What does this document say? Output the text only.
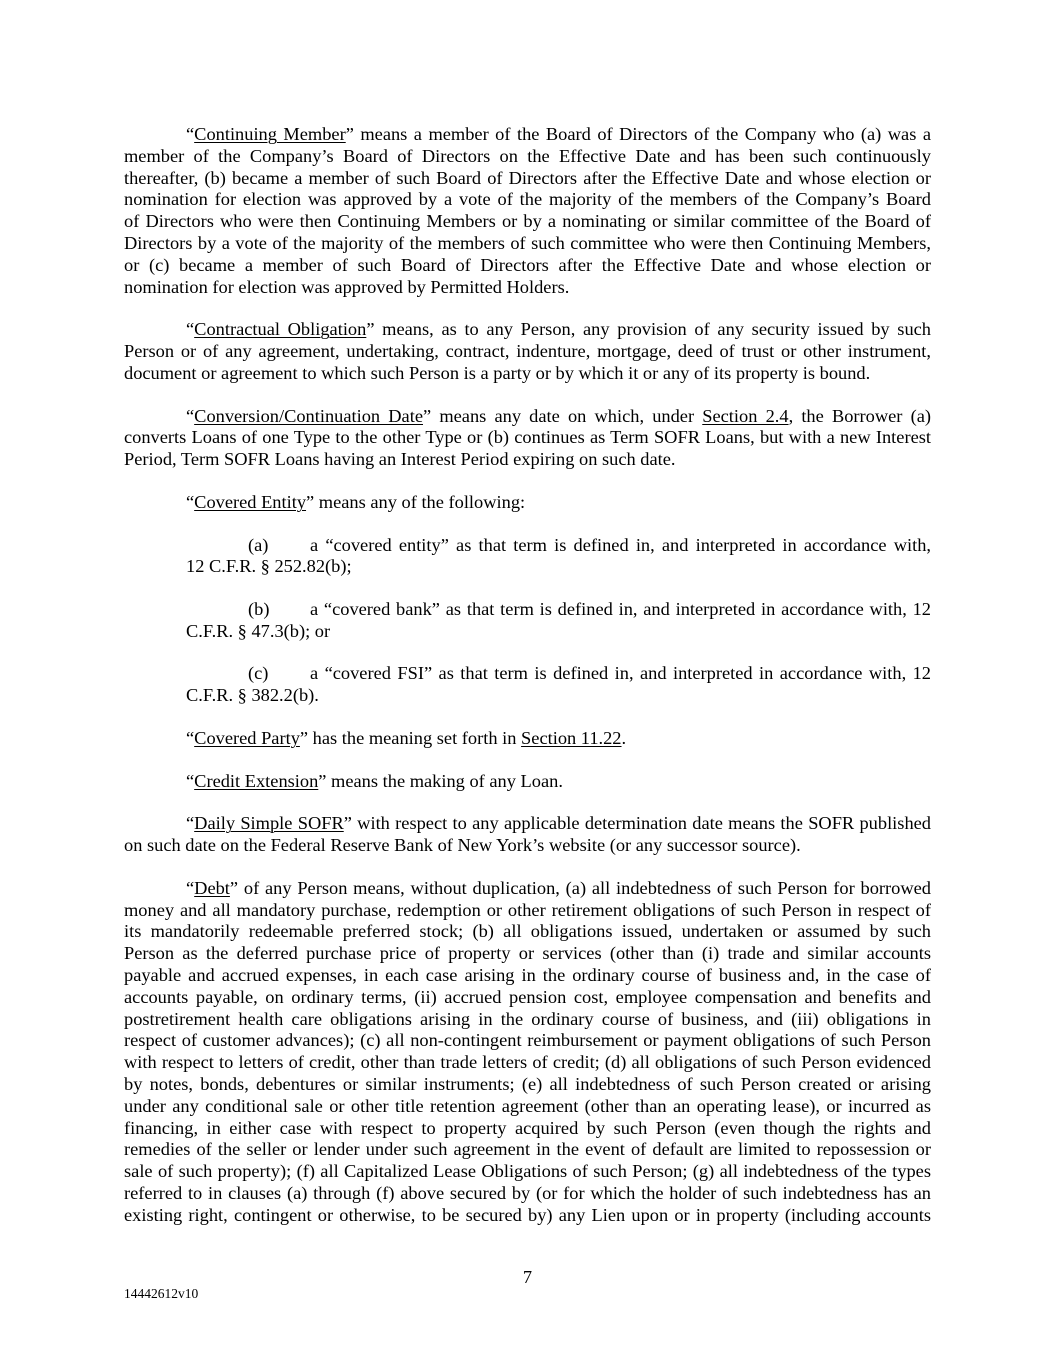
“Continuing Member” means a member of the Board of Directors of the Company who (a) was a
member of the Company’s Board of Directors on the Effective Date and has been such continuously
thereafter, (b) became a member of such Board of Directors after the Effective Date and whose election or
nomination for election was approved by a vote of the majority of the members of the Company’s Board
of Directors who were then Continuing Members or by a nominating or similar committee of the Board of
Directors by a vote of the majority of the members of such committee who were then Continuing Members,
or (c) became a member of such Board of Directors after the Effective Date and whose election or
nomination for election was approved by Permitted Holders.
“Contractual Obligation” means, as to any Person, any provision of any security issued by such
Person or of any agreement, undertaking, contract, indenture, mortgage, deed of trust or other instrument,
document or agreement to which such Person is a party or by which it or any of its property is bound.
“Conversion/Continuation Date” means any date on which, under Section 2.4, the Borrower (a)
converts Loans of one Type to the other Type or (b) continues as Term SOFR Loans, but with a new Interest
Period, Term SOFR Loans having an Interest Period expiring on such date.
“Covered Entity” means any of the following:
(a) a “covered entity” as that term is defined in, and interpreted in accordance with,
12 C.F.R. § 252.82(b);
(b) a “covered bank” as that term is defined in, and interpreted in accordance with, 12
C.F.R. § 47.3(b); or
(c) a “covered FSI” as that term is defined in, and interpreted in accordance with, 12
C.F.R. § 382.2(b).
“Covered Party” has the meaning set forth in Section 11.22.
“Credit Extension” means the making of any Loan.
“Daily Simple SOFR” with respect to any applicable determination date means the SOFR published
on such date on the Federal Reserve Bank of New York’s website (or any successor source).
“Debt” of any Person means, without duplication, (a) all indebtedness of such Person for borrowed
money and all mandatory purchase, redemption or other retirement obligations of such Person in respect of
its mandatorily redeemable preferred stock; (b) all obligations issued, undertaken or assumed by such
Person as the deferred purchase price of property or services (other than (i) trade and similar accounts
payable and accrued expenses, in each case arising in the ordinary course of business and, in the case of
accounts payable, on ordinary terms, (ii) accrued pension cost, employee compensation and benefits and
postretirement health care obligations arising in the ordinary course of business, and (iii) obligations in
respect of customer advances); (c) all non-contingent reimbursement or payment obligations of such Person
with respect to letters of credit, other than trade letters of credit; (d) all obligations of such Person evidenced
by notes, bonds, debentures or similar instruments; (e) all indebtedness of such Person created or arising
under any conditional sale or other title retention agreement (other than an operating lease), or incurred as
financing, in either case with respect to property acquired by such Person (even though the rights and
remedies of the seller or lender under such agreement in the event of default are limited to repossession or
sale of such property); (f) all Capitalized Lease Obligations of such Person; (g) all indebtedness of the types
referred to in clauses (a) through (f) above secured by (or for which the holder of such indebtedness has an
existing right, contingent or otherwise, to be secured by) any Lien upon or in property (including accounts
7
14442612v10
